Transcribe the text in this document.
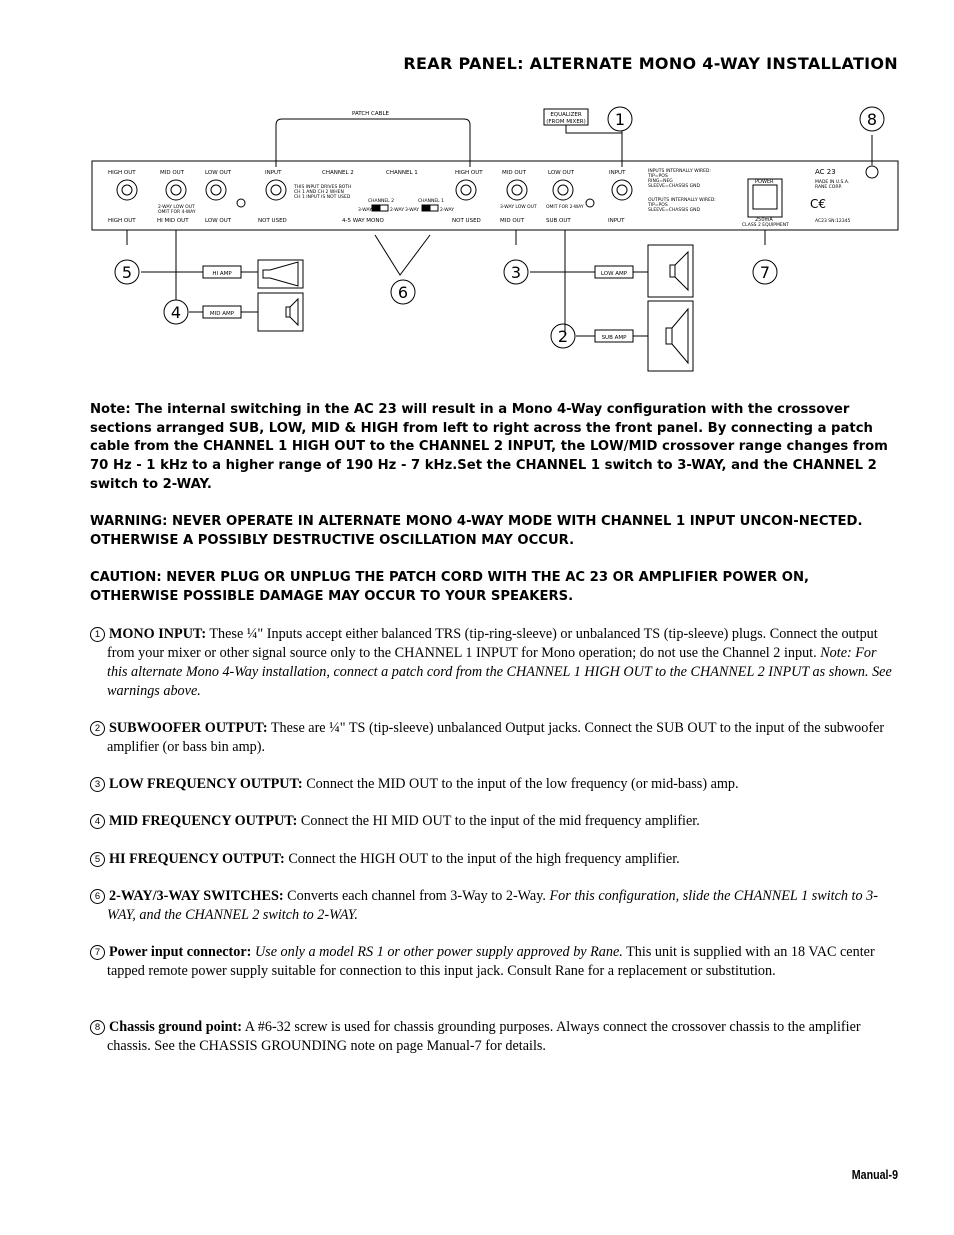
REAR PANEL: ALTERNATE MONO 4-WAY INSTALLATION
1	8
5
4
3
6
2
7
PATCH CABLE	EQUALIZER
(FROM MIXER)
HIGH OUT	MID OUT	LOW OUT	INPUT	CHANNEL 2	CHANNEL 1	HIGH OUT	MID OUT	LOW OUT	INPUT
HIGH OUT	HI MID OUT	LOW OUT	NOT USED	4-5 WAY MONO	NOT USED	MID OUT	SUB OUT	INPUT
2-WAY LOW OUT
OMIT FOR 4-WAY
THIS INPUT DRIVES BOTH
CH 1 AND CH 2 WHEN
CH 1 INPUT IS NOT USED
3-WAY LOW OUT OMIT FOR 2-WAY
CHANNEL 2
3-WAY	2-WAY
CHANNEL 1
3-WAY	2-WAY
INPUTS INTERNALLY WIRED:
TIP=POS
RING=NEG
SLEEVE=CHASSIS GND
OUTPUTS INTERNALLY WIRED:
TIP=POS
SLEEVE=CHASSIS GND
POWER
250mA
CLASS 2 EQUIPMENT
AC 23
MADE IN U.S.A.
RANE CORP.
AC23 SN:12345
HI AMP
MID AMP
LOW AMP
SUB AMP
C€
Note: The internal switching in the AC 23 will result in a Mono 4-Way configuration with the crossover sections arranged SUB, LOW, MID & HIGH from left to right across the front panel. By connecting a patch cable from the CHANNEL 1 HIGH OUT to the CHANNEL 2 INPUT, the LOW/MID crossover range changes from 70 Hz - 1 kHz to a higher range of 190 Hz - 7 kHz.Set the CHANNEL 1 switch to 3-WAY, and the CHANNEL 2 switch to 2-WAY.
WARNING: NEVER OPERATE IN ALTERNATE MONO 4-WAY MODE WITH CHANNEL 1 INPUT UNCON-NECTED. OTHERWISE A POSSIBLY DESTRUCTIVE OSCILLATION MAY OCCUR.
CAUTION: NEVER PLUG OR UNPLUG THE PATCH CORD WITH THE AC 23 OR AMPLIFIER POWER ON, OTHERWISE POSSIBLE DAMAGE MAY OCCUR TO YOUR SPEAKERS.
1 MONO INPUT: These ¼" Inputs accept either balanced TRS (tip-ring-sleeve) or unbalanced TS (tip-sleeve) plugs. Connect the output from your mixer or other signal source only to the CHANNEL 1 INPUT for Mono operation; do not use the Channel 2 input. Note: For this alternate Mono 4-Way installation, connect a patch cord from the CHANNEL 1 HIGH OUT to the CHANNEL 2 INPUT as shown. See warnings above.
2 SUBWOOFER OUTPUT: These are ¼" TS (tip-sleeve) unbalanced Output jacks. Connect the SUB OUT to the input of the subwoofer amplifier (or bass bin amp).
3 LOW FREQUENCY OUTPUT: Connect the MID OUT to the input of the low frequency (or mid-bass) amp.
4 MID FREQUENCY OUTPUT: Connect the HI MID OUT to the input of the mid frequency amplifier.
5 HI FREQUENCY OUTPUT: Connect the HIGH OUT to the input of the high frequency amplifier.
6 2-WAY/3-WAY SWITCHES: Converts each channel from 3-Way to 2-Way. For this configuration, slide the CHANNEL 1 switch to 3-WAY, and the CHANNEL 2 switch to 2-WAY.
7 Power input connector: Use only a model RS 1 or other power supply approved by Rane. This unit is supplied with an 18 VAC center tapped remote power supply suitable for connection to this input jack. Consult Rane for a replacement or substitution.
8 Chassis ground point: A #6-32 screw is used for chassis grounding purposes. Always connect the crossover chassis to the amplifier chassis. See the CHASSIS GROUNDING note on page Manual-7 for details.
Manual-9
